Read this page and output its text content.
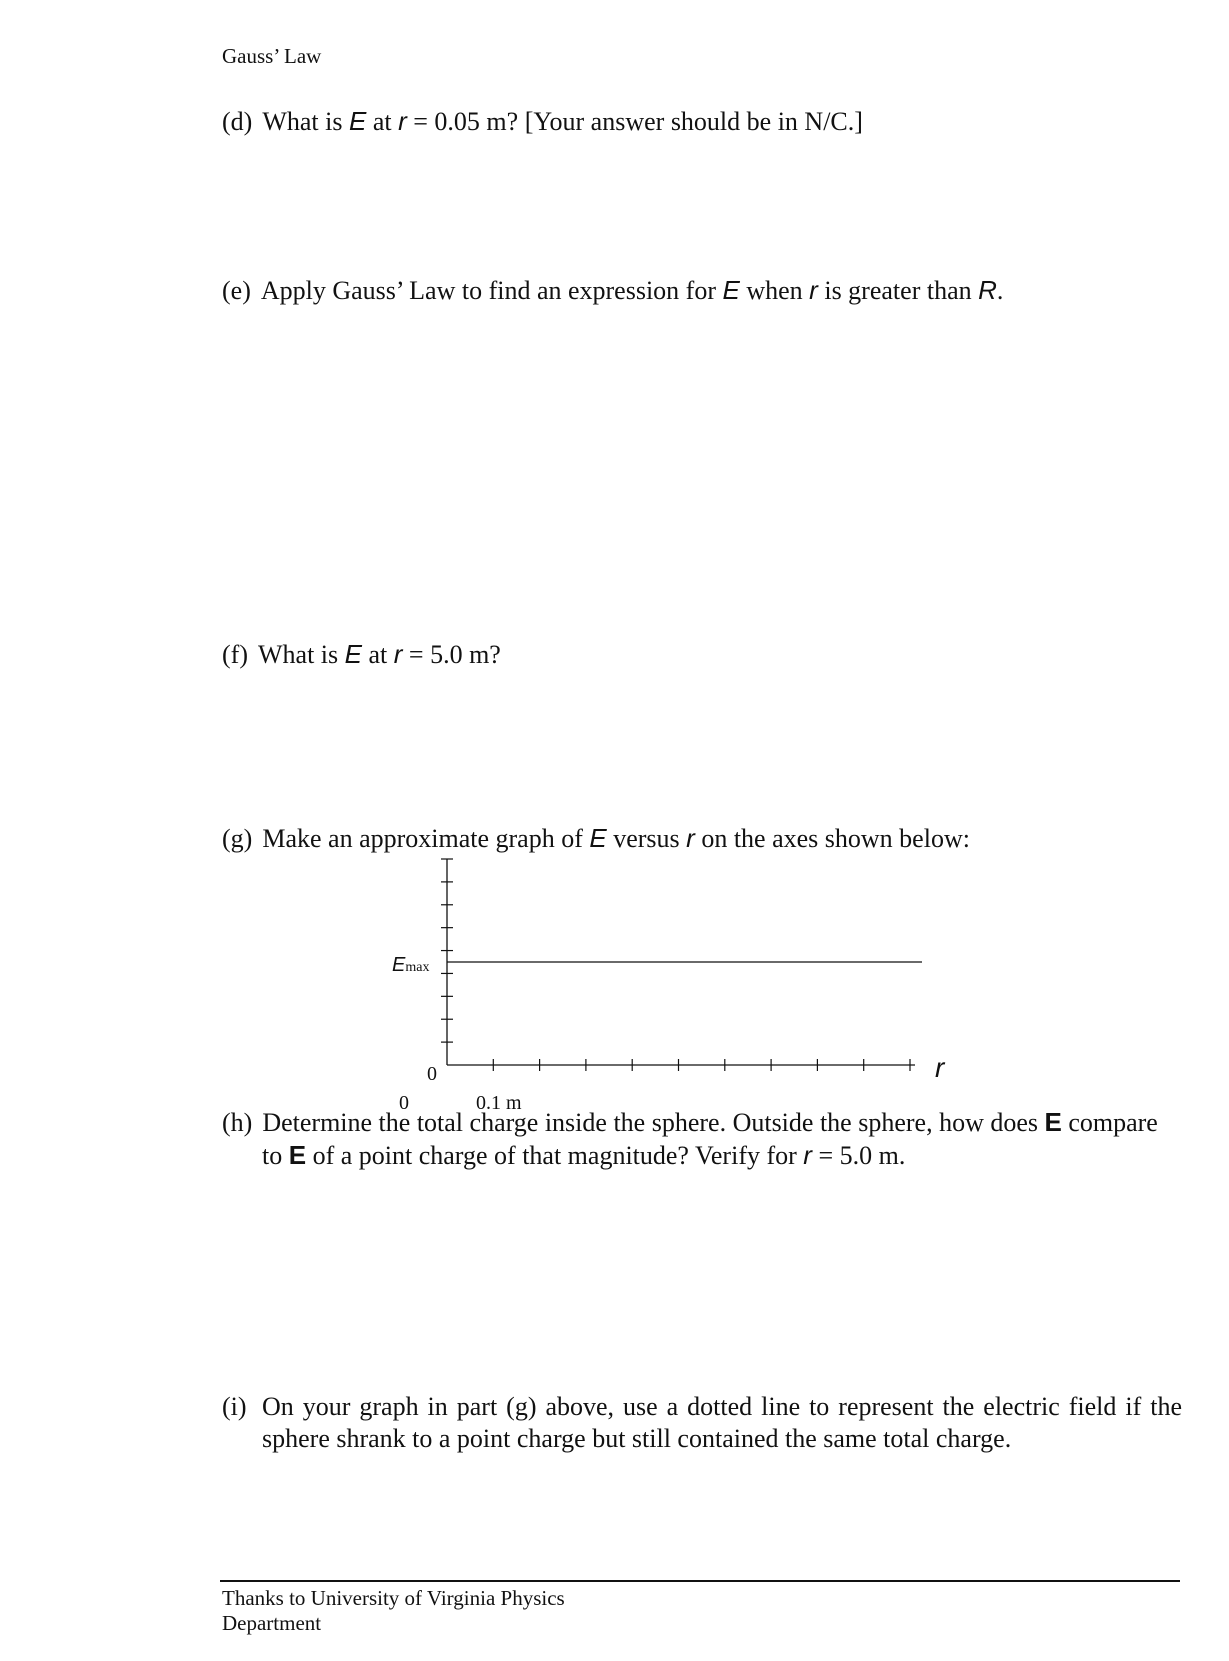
Gauss’ Law
(d) What is E at r = 0.05 m? [Your answer should be in N/C.]
(e) Apply Gauss’ Law to find an expression for E when r is greater than R.
(f) What is E at r = 5.0 m?
(g) Make an approximate graph of E versus r on the axes shown below:
Emax
0
0	0.1 m
r
(h) Determine the total charge inside the sphere. Outside the sphere, how does E compare
to E of a point charge of that magnitude? Verify for r = 5.0 m.
(i) On your graph in part (g) above, use a dotted line to represent the electric field if the
sphere shrank to a point charge but still contained the same total charge.
Thanks to University of Virginia Physics Department
